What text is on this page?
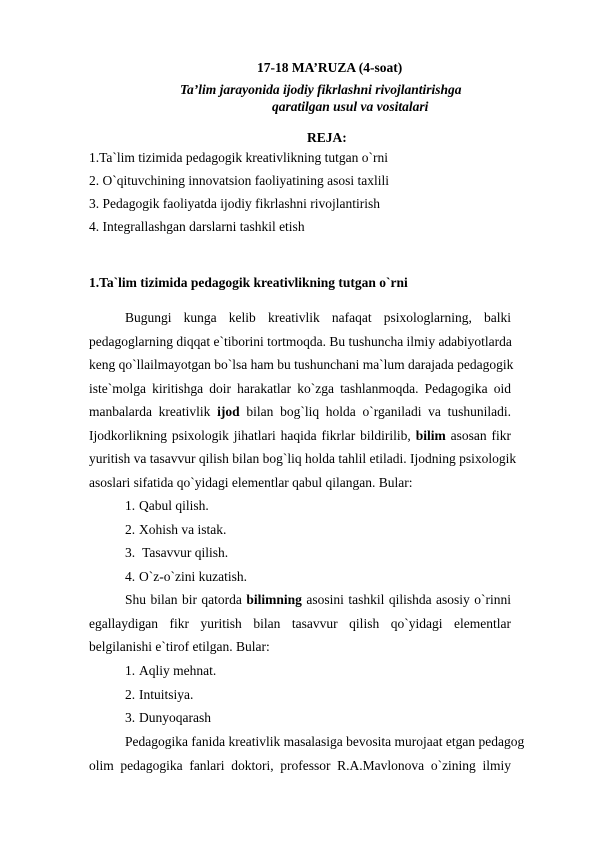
17-18 MA’RUZA (4-soat)
Ta’lim jarayonida ijodiy fikrlashni rivojlantirishga
qaratilgan usul va vositalari
REJA:
1.Ta`lim tizimida pedagogik kreativlikning tutgan o`rni
2. O`qituvchining innovatsion faoliyatining asosi taxlili
3. Pedagogik faoliyatda ijodiy fikrlashni rivojlantirish
4. Integrallashgan darslarni tashkil etish
1.Ta`lim tizimida pedagogik kreativlikning tutgan o`rni
Bugungi kunga kelib kreativlik nafaqat psixologlarning, balki
pedagoglarning diqqat e`tiborini tortmoqda. Bu tushuncha ilmiy adabiyotlarda
keng qo`llailmayotgan bo`lsa ham bu tushunchani ma`lum darajada pedagogik
iste`molga kiritishga doir harakatlar ko`zga tashlanmoqda. Pedagogika oid
manbalarda kreativlik ijod bilan bog`liq holda o`rganiladi va tushuniladi.
Ijodkorlikning psixologik jihatlari haqida fikrlar bildirilib, bilim asosan fikr
yuritish va tasavvur qilish bilan bog`liq holda tahlil etiladi. Ijodning psixologik
asoslari sifatida qo`yidagi elementlar qabul qilangan. Bular:
1. Qabul qilish.
2. Xohish va istak.
3. Tasavvur qilish.
4. O`z-o`zini kuzatish.
Shu bilan bir qatorda bilimning asosini tashkil qilishda asosiy o`rinni
egallaydigan fikr yuritish bilan tasavvur qilish qo`yidagi elementlar
belgilanishi e`tirof etilgan. Bular:
1. Aqliy mehnat.
2. Intuitsiya.
3. Dunyoqarash
Pedagogika fanida kreativlik masalasiga bevosita murojaat etgan pedagog
olim pedagogika fanlari doktori, professor R.A.Mavlonova o`zining ilmiy
